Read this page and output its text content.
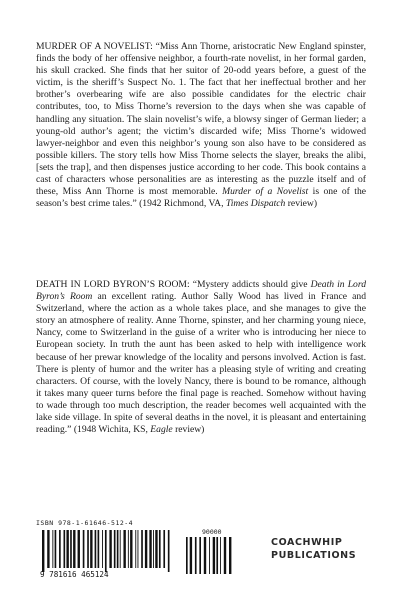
MURDER OF A NOVELIST: “Miss Ann Thorne, aristocratic New England spinster, finds the body of her offensive neighbor, a fourth-rate novelist, in her formal garden, his skull cracked. She finds that her suitor of 20-odd years before, a guest of the victim, is the sheriff’s Suspect No. 1. The fact that her ineffectual brother and her brother’s overbearing wife are also possible candidates for the electric chair contributes, too, to Miss Thorne’s reversion to the days when she was capable of handling any situation. The slain novelist’s wife, a blowsy singer of German lieder; a young-old author’s agent; the victim’s discarded wife; Miss Thorne’s widowed lawyer-neighbor and even this neighbor’s young son also have to be considered as possible killers. The story tells how Miss Thorne selects the slayer, breaks the alibi, [sets the trap], and then dispenses justice according to her code. This book contains a cast of characters whose personalities are as interesting as the puzzle itself and of these, Miss Ann Thorne is most memorable. Murder of a Novelist is one of the season’s best crime tales.” (1942 Richmond, VA, Times Dispatch review)

DEATH IN LORD BYRON’S ROOM: “Mystery addicts should give Death in Lord Byron’s Room an excellent rating. Author Sally Wood has lived in France and Switzerland, where the action as a whole takes place, and she manages to give the story an atmosphere of reality. Anne Thorne, spinster, and her charming young niece, Nancy, come to Switzerland in the guise of a writer who is introducing her niece to European society. In truth the aunt has been asked to help with intelligence work because of her prewar knowledge of the locality and persons involved. Action is fast. There is plenty of humor and the writer has a pleasing style of writing and creating characters. Of course, with the lovely Nancy, there is bound to be romance, although it takes many queer turns before the final page is reached. Somehow without having to wade through too much description, the reader becomes well acquainted with the lake side village. In spite of several deaths in the novel, it is pleasant and entertaining reading.” (1948 Wichita, KS, Eagle review)

ISBN 978-1-61646-512-4
9 781616 465124
90000
COACHWHIP
PUBLICATIONS
